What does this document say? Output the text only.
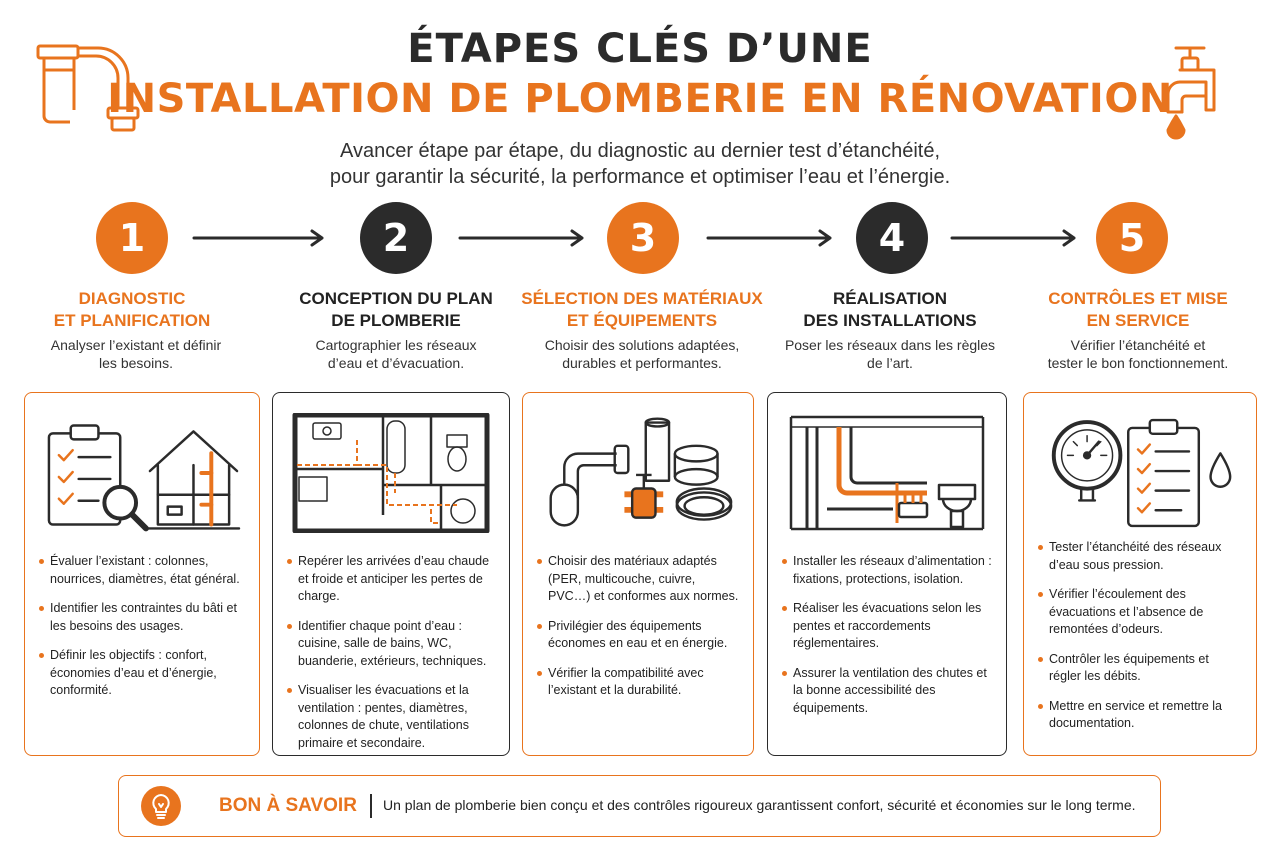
ÉTAPES CLÉS D’UNE
INSTALLATION DE PLOMBERIE EN RÉNOVATION
Avancer étape par étape, du diagnostic au dernier test d’étanchéité,
pour garantir la sécurité, la performance et optimiser l’eau et l’énergie.
1	2	3	4	5
DIAGNOSTIC
ET PLANIFICATION
CONCEPTION DU PLAN
DE PLOMBERIE
SÉLECTION DES MATÉRIAUX
ET ÉQUIPEMENTS
RÉALISATION
DES INSTALLATIONS
CONTRÔLES ET MISE
EN SERVICE
Analyser l’existant et définir
les besoins.
Cartographier les réseaux
d’eau et d’évacuation.
Choisir des solutions adaptées,
durables et performantes.
Poser les réseaux dans les règles
de l’art.
Vérifier l’étanchéité et
tester le bon fonctionnement.
Évaluer l’existant : colonnes, nourrices, diamètres, état général.
Identifier les contraintes du bâti et les besoins des usages.
Définir les objectifs : confort, économies d’eau et d’énergie, conformité.
Repérer les arrivées d’eau chaude et froide et anticiper les pertes de charge.
Identifier chaque point d’eau : cuisine, salle de bains, WC, buanderie, extérieurs, techniques.
Visualiser les évacuations et la ventilation : pentes, diamètres, colonnes de chute, ventilations primaire et secondaire.
Choisir des matériaux adaptés (PER, multicouche, cuivre, PVC…) et conformes aux normes.
Privilégier des équipements économes en eau et en énergie.
Vérifier la compatibilité avec l’existant et la durabilité.
Installer les réseaux d’alimentation : fixations, protections, isolation.
Réaliser les évacuations selon les pentes et raccordements réglementaires.
Assurer la ventilation des chutes et la bonne accessibilité des équipements.
Tester l’étanchéité des réseaux d’eau sous pression.
Vérifier l’écoulement des évacuations et l’absence de remontées d’odeurs.
Contrôler les équipements et régler les débits.
Mettre en service et remettre la documentation.
BON À SAVOIR Un plan de plomberie bien conçu et des contrôles rigoureux garantissent confort, sécurité et économies sur le long terme.
